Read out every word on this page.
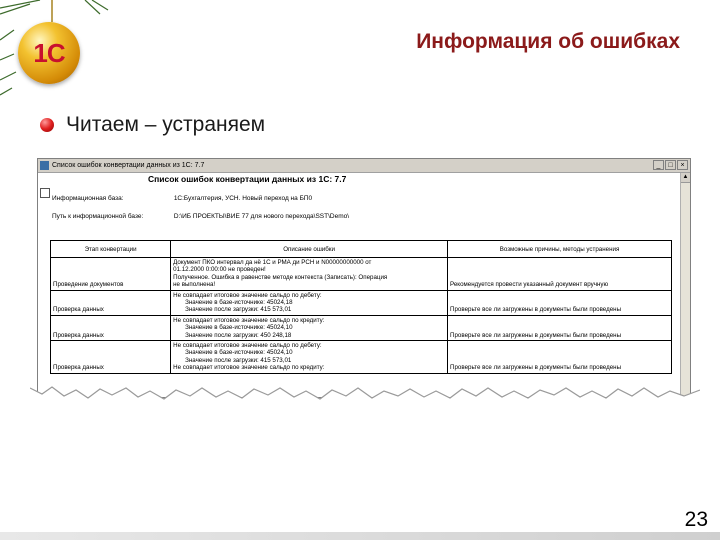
1С	Информация об ошибках
Читаем – устраняем
Список ошибок конвертации данных из 1С: 7.7	_	□	×
Список ошибок конвертации данных из 1С: 7.7
Информационная база:	1С:Бухгалтерия, УСН. Новый переход на БП0
Путь к информационной базе:	D:\ИБ ПРОЕКТЫ\ВИЕ 77 для нового перехода\SST\Demo\
Этап конвертации	Описание ошибки	Возможные причины, методы устранения

Проведение документов	Документ ПКО интервал да нё 1С и РМА ди РСН и N00000000000 от
01.12.2000 0:00:00 не проведен!
Полученное. Ошибка в равенстве методе контекста (Записать): Операция
не выполнена!	Рекомендуется провести указанный документ вручную

Проверка данных	Не совпадает итоговое значение сальдо по дебету:
Значение в базе-источнике: 45024,18
Значение после загрузки: 415 573,01	Проверьте все ли загружены в документы были проведены

Проверка данных	Не совпадает итоговое значение сальдо по кредиту:
Значение в базе-источнике: 45024,10
Значение после загрузки: 450 248,18	Проверьте все ли загружены в документы были проведены

Проверка данных	Не совпадает итоговое значение сальдо по дебету:
Значение в базе-источнике: 45024,10
Значение после загрузки: 415 573,01
Не совпадает итоговое значение сальдо по кредиту:	Проверьте все ли загружены в документы были проведены
▲
23
